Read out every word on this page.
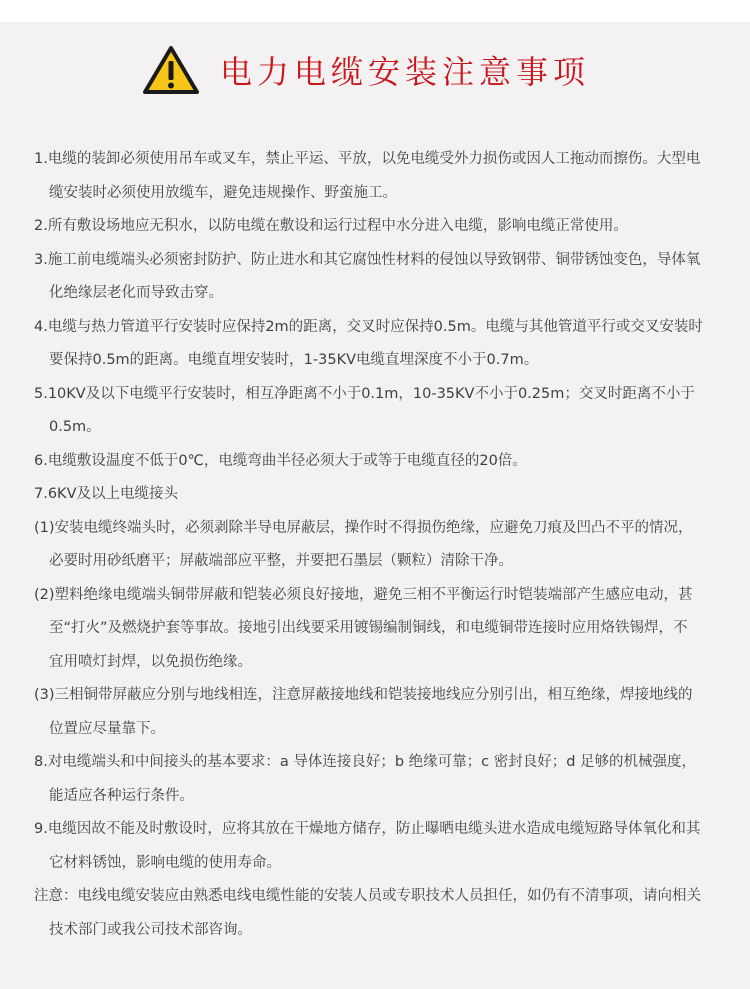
电力电缆安装注意事项
1.电缆的装卸必须使用吊车或叉车，禁止平运、平放，以免电缆受外力损伤或因人工拖动而擦伤。大型电
缆安装时必须使用放缆车，避免违规操作、野蛮施工。
2.所有敷设场地应无积水，以防电缆在敷设和运行过程中水分进入电缆，影响电缆正常使用。
3.施工前电缆端头必须密封防护、防止进水和其它腐蚀性材料的侵蚀以导致钢带、铜带锈蚀变色，导体氧
化绝缘层老化而导致击穿。
4.电缆与热力管道平行安装时应保持2m的距离，交叉时应保持0.5m。电缆与其他管道平行或交叉安装时
要保持0.5m的距离。电缆直埋安装时，1-35KV电缆直埋深度不小于0.7m。
5.10KV及以下电缆平行安装时，相互净距离不小于0.1m，10-35KV不小于0.25m；交叉时距离不小于
0.5m。
6.电缆敷设温度不低于0℃，电缆弯曲半径必须大于或等于电缆直径的20倍。
7.6KV及以上电缆接头
(1)安装电缆终端头时，必须剥除半导电屏蔽层，操作时不得损伤绝缘，应避免刀痕及凹凸不平的情况，
必要时用砂纸磨平；屏蔽端部应平整，并要把石墨层（颗粒）清除干净。
(2)塑料绝缘电缆端头铜带屏蔽和铠装必须良好接地，避免三相不平衡运行时铠装端部产生感应电动，甚
至“打火”及燃烧护套等事故。接地引出线要采用镀锡编制铜线，和电缆铜带连接时应用烙铁锡焊，不
宜用喷灯封焊，以免损伤绝缘。
(3)三相铜带屏蔽应分别与地线相连，注意屏蔽接地线和铠装接地线应分别引出，相互绝缘，焊接地线的
位置应尽量靠下。
8.对电缆端头和中间接头的基本要求：a 导体连接良好；b 绝缘可靠；c 密封良好；d 足够的机械强度，
能适应各种运行条件。
9.电缆因故不能及时敷设时，应将其放在干燥地方储存，防止曝晒电缆头进水造成电缆短路导体氧化和其
它材料锈蚀，影响电缆的使用寿命。
注意：电线电缆安装应由熟悉电线电缆性能的安装人员或专职技术人员担任，如仍有不清事项，请向相关
技术部门或我公司技术部咨询。
